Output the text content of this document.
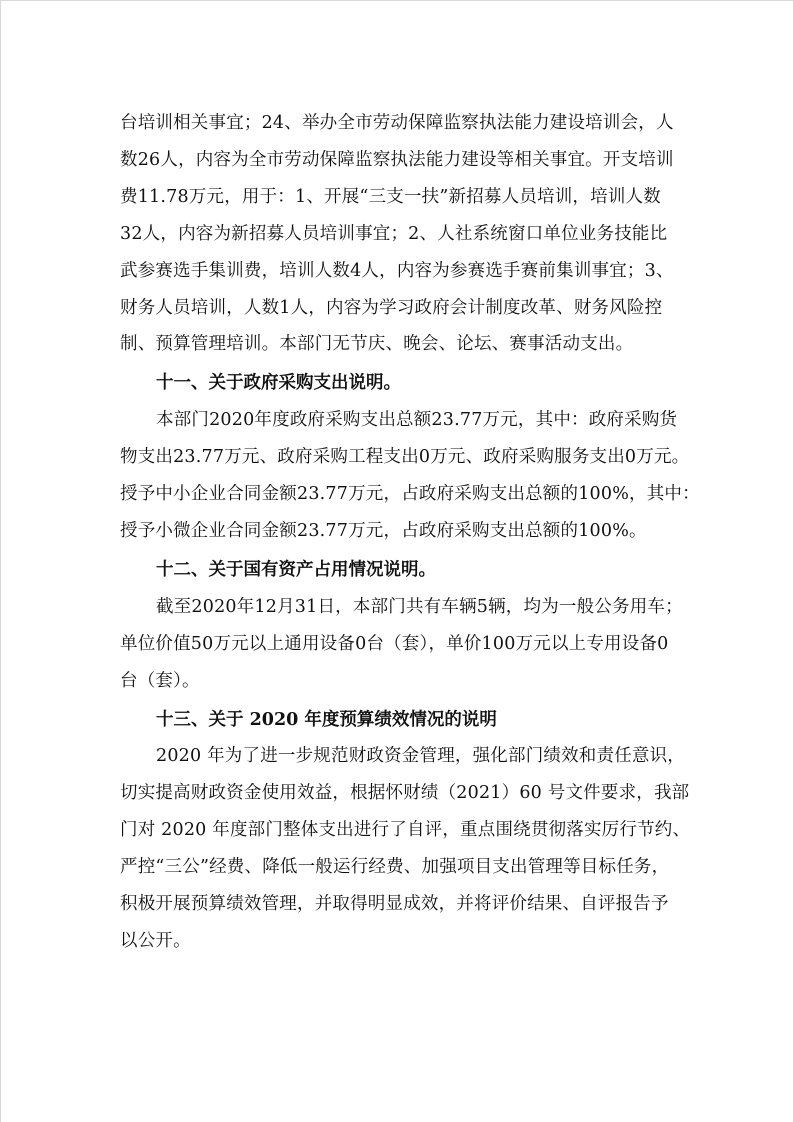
台培训相关事宜；24、举办全市劳动保障监察执法能力建设培训会，人
数26人，内容为全市劳动保障监察执法能力建设等相关事宜。开支培训
费11.78万元，用于：1、开展“三支一扶”新招募人员培训，培训人数
32人，内容为新招募人员培训事宜；2、人社系统窗口单位业务技能比
武参赛选手集训费，培训人数4人，内容为参赛选手赛前集训事宜；3、
财务人员培训，人数1人，内容为学习政府会计制度改革、财务风险控
制、预算管理培训。本部门无节庆、晚会、论坛、赛事活动支出。

十一、关于政府采购支出说明。

本部门2020年度政府采购支出总额23.77万元，其中：政府采购货
物支出23.77万元、政府采购工程支出0万元、政府采购服务支出0万元。
授予中小企业合同金额23.77万元，占政府采购支出总额的100%，其中：
授予小微企业合同金额23.77万元，占政府采购支出总额的100%。

十二、关于国有资产占用情况说明。

截至2020年12月31日，本部门共有车辆5辆，均为一般公务用车；
单位价值50万元以上通用设备0台（套），单价100万元以上专用设备0
台（套）。

十三、关于 2020 年度预算绩效情况的说明

2020 年为了进一步规范财政资金管理，强化部门绩效和责任意识，
切实提高财政资金使用效益，根据怀财绩（2021）60 号文件要求，我部
门对 2020 年度部门整体支出进行了自评，重点围绕贯彻落实厉行节约、
严控“三公”经费、降低一般运行经费、加强项目支出管理等目标任务，
积极开展预算绩效管理，并取得明显成效，并将评价结果、自评报告予
以公开。
